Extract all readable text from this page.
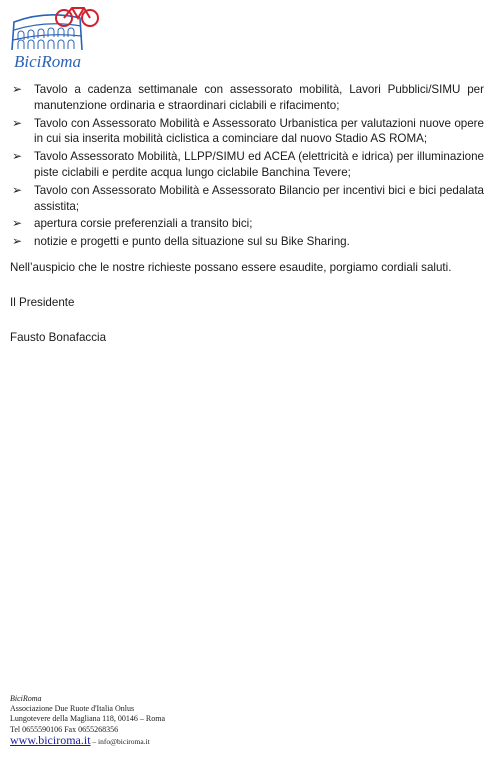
BiciRoma
➢ Tavolo a cadenza settimanale con assessorato mobilità, Lavori Pubblici/SIMU per manutenzione ordinaria e straordinari ciclabili e rifacimento;
➢ Tavolo con Assessorato Mobilità e Assessorato Urbanistica per valutazioni nuove opere in cui sia inserita mobilità ciclistica a cominciare dal nuovo Stadio AS ROMA;
➢ Tavolo Assessorato Mobilità, LLPP/SIMU ed ACEA (elettricità e idrica) per illuminazione piste ciclabili e perdite acqua lungo ciclabile Banchina Tevere;
➢ Tavolo con Assessorato Mobilità e Assessorato Bilancio per incentivi bici e bici pedalata assistita;
➢ apertura corsie preferenziali a transito bici;
➢ notizie e progetti e punto della situazione sul su Bike Sharing.

Nell’auspicio che le nostre richieste possano essere esaudite, porgiamo cordiali saluti.

Il Presidente

Fausto Bonafaccia

BiciRoma
Associazione Due Ruote d'Italia Onlus
Lungotevere della Magliana 118, 00146 – Roma
Tel 0655590106 Fax 0655268356
www.biciroma.it – info@biciroma.it
